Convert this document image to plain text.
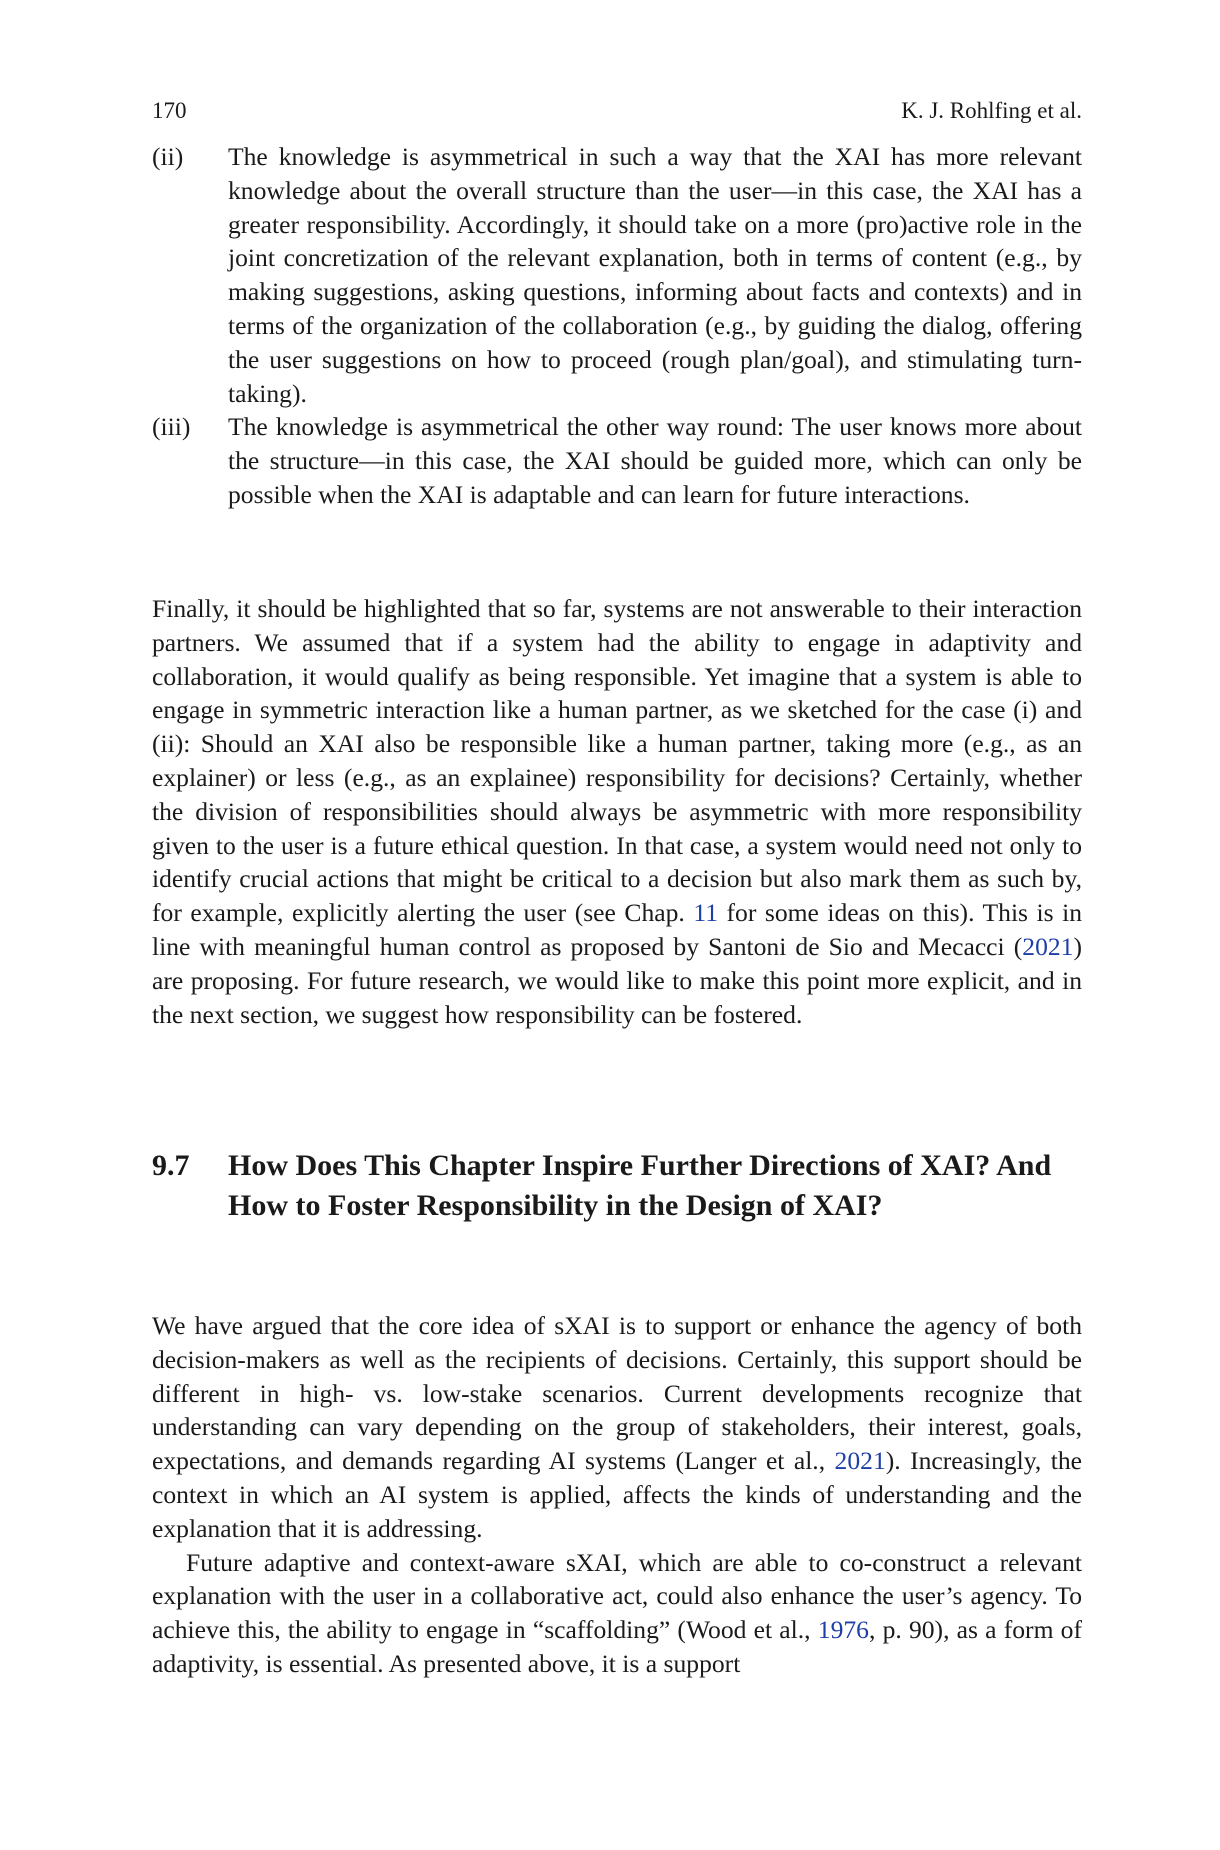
170	K. J. Rohlfing et al.
(ii)	The knowledge is asymmetrical in such a way that the XAI has more relevant knowledge about the overall structure than the user—in this case, the XAI has a greater responsibility. Accordingly, it should take on a more (pro)active role in the joint concretization of the relevant explanation, both in terms of content (e.g., by making suggestions, asking questions, informing about facts and contexts) and in terms of the organization of the collaboration (e.g., by guiding the dialog, offering the user suggestions on how to proceed (rough plan/goal), and stimulating turn-taking).
(iii)	The knowledge is asymmetrical the other way round: The user knows more about the structure—in this case, the XAI should be guided more, which can only be possible when the XAI is adaptable and can learn for future interactions.

Finally, it should be highlighted that so far, systems are not answerable to their interaction partners. We assumed that if a system had the ability to engage in adaptivity and collaboration, it would qualify as being responsible. Yet imagine that a system is able to engage in symmetric interaction like a human partner, as we sketched for the case (i) and (ii): Should an XAI also be responsible like a human partner, taking more (e.g., as an explainer) or less (e.g., as an explainee) responsibility for decisions? Certainly, whether the division of responsibilities should always be asymmetric with more responsibility given to the user is a future ethical question. In that case, a system would need not only to identify crucial actions that might be critical to a decision but also mark them as such by, for example, explicitly alerting the user (see Chap. 11 for some ideas on this). This is in line with meaningful human control as proposed by Santoni de Sio and Mecacci (2021) are proposing. For future research, we would like to make this point more explicit, and in the next section, we suggest how responsibility can be fostered.

9.7	How Does This Chapter Inspire Further Directions of XAI? And How to Foster Responsibility in the Design of XAI?

We have argued that the core idea of sXAI is to support or enhance the agency of both decision-makers as well as the recipients of decisions. Certainly, this support should be different in high- vs. low-stake scenarios. Current developments recognize that understanding can vary depending on the group of stakeholders, their interest, goals, expectations, and demands regarding AI systems (Langer et al., 2021). Increasingly, the context in which an AI system is applied, affects the kinds of understanding and the explanation that it is addressing.

Future adaptive and context-aware sXAI, which are able to co-construct a relevant explanation with the user in a collaborative act, could also enhance the user’s agency. To achieve this, the ability to engage in “scaffolding” (Wood et al., 1976, p. 90), as a form of adaptivity, is essential. As presented above, it is a support
